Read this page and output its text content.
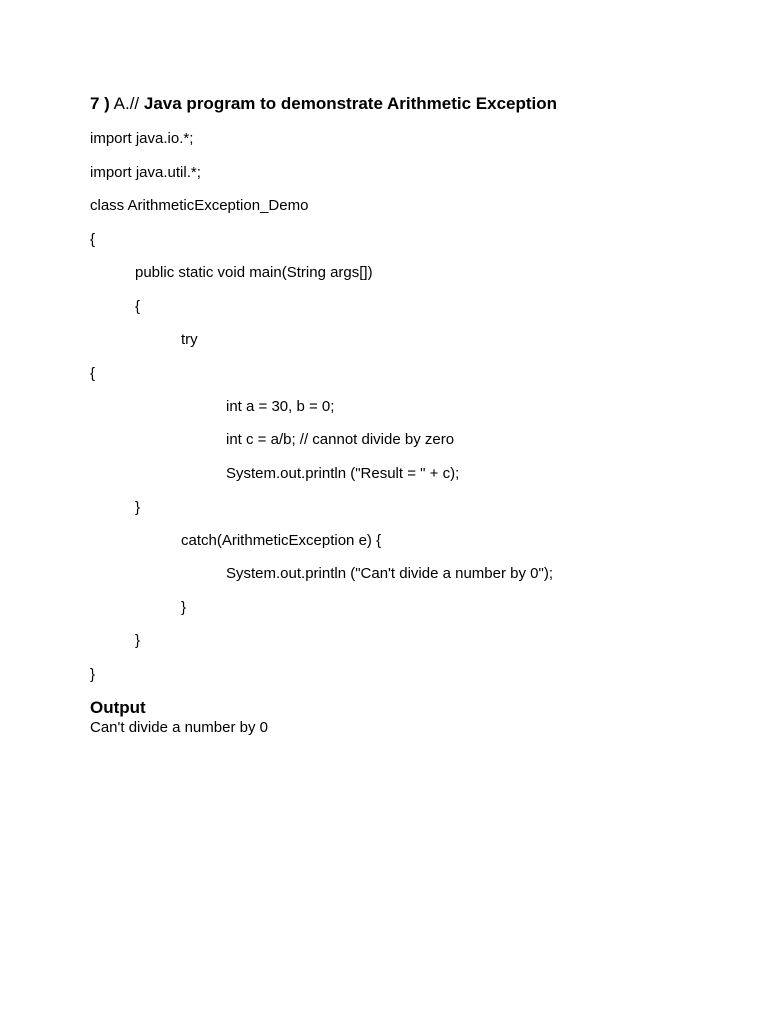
7 ) A.// Java program to demonstrate Arithmetic Exception
import java.io.*;
import java.util.*;
class ArithmeticException_Demo
{
public static void main(String args[])
{
try
{
int a = 30, b = 0;
int c = a/b; // cannot divide by zero
System.out.println ("Result = " + c);
}
catch(ArithmeticException e) {
System.out.println ("Can't divide a number by 0");
}
}
}
Output
Can't divide a number by 0
